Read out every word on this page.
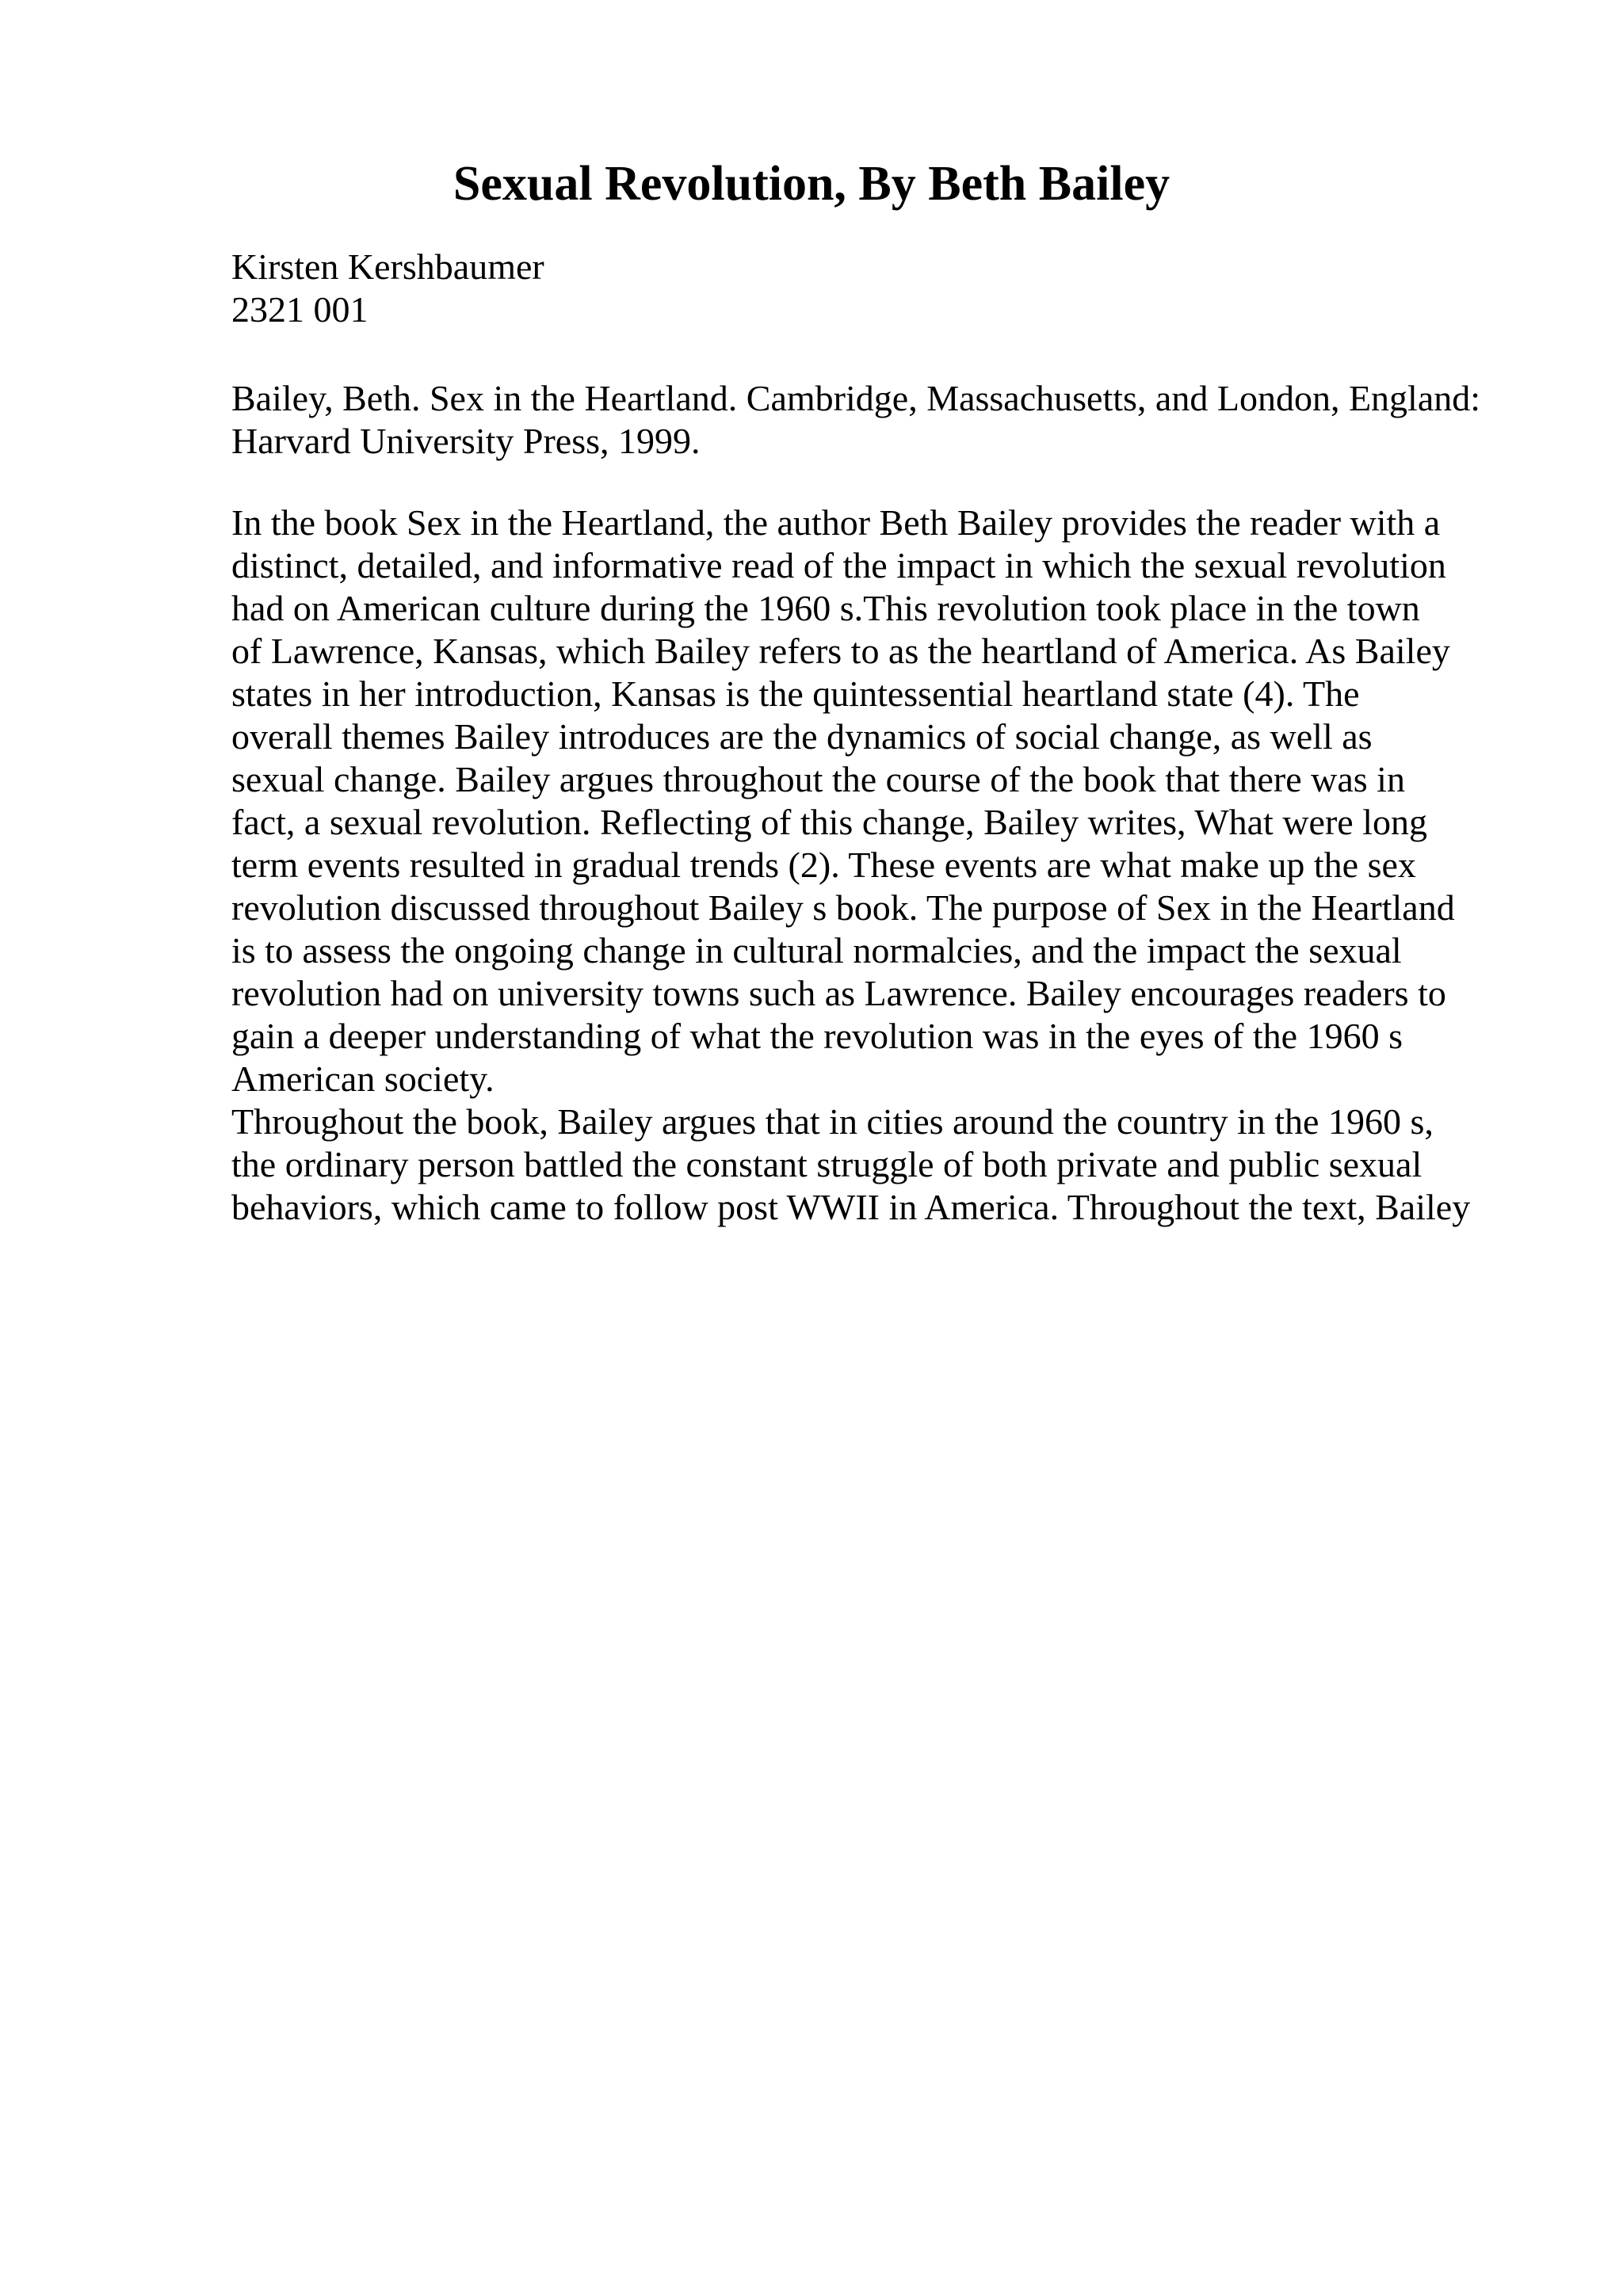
Sexual Revolution, By Beth Bailey
Kirsten Kershbaumer
2321 001
Bailey, Beth. Sex in the Heartland. Cambridge, Massachusetts, and London, England:
Harvard University Press, 1999.
In the book Sex in the Heartland, the author Beth Bailey provides the reader with a
distinct, detailed, and informative read of the impact in which the sexual revolution
had on American culture during the 1960 s.This revolution took place in the town
of Lawrence, Kansas, which Bailey refers to as the heartland of America. As Bailey
states in her introduction, Kansas is the quintessential heartland state (4). The
overall themes Bailey introduces are the dynamics of social change, as well as
sexual change. Bailey argues throughout the course of the book that there was in
fact, a sexual revolution. Reflecting of this change, Bailey writes, What were long
term events resulted in gradual trends (2). These events are what make up the sex
revolution discussed throughout Bailey s book. The purpose of Sex in the Heartland
is to assess the ongoing change in cultural normalcies, and the impact the sexual
revolution had on university towns such as Lawrence. Bailey encourages readers to
gain a deeper understanding of what the revolution was in the eyes of the 1960 s
American society.
Throughout the book, Bailey argues that in cities around the country in the 1960 s,
the ordinary person battled the constant struggle of both private and public sexual
behaviors, which came to follow post WWII in America. Throughout the text, Bailey
